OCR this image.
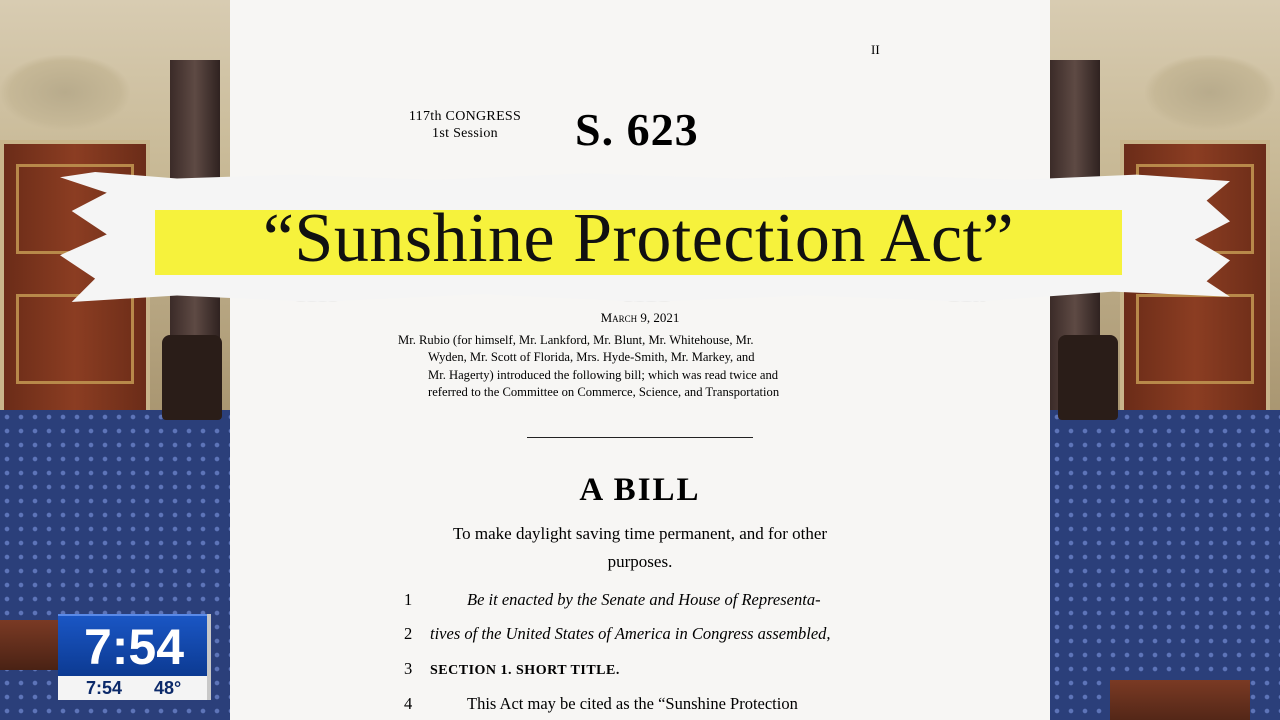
II
117th CONGRESS
1st Session	S. 623
March 9, 2021
Mr. Rubio (for himself, Mr. Lankford, Mr. Blunt, Mr. Whitehouse, Mr.
Wyden, Mr. Scott of Florida, Mrs. Hyde-Smith, Mr. Markey, and
Mr. Hagerty) introduced the following bill; which was read twice and
referred to the Committee on Commerce, Science, and Transportation
A BILL
To make daylight saving time permanent, and for other
purposes.
1	Be it enacted by the Senate and House of Representa-
2 tives of the United States of America in Congress assembled,
3 SECTION 1. SHORT TITLE.
4	This Act may be cited as the “Sunshine Protection
“Sunshine Protection Act”
7:54
7:54 48°
